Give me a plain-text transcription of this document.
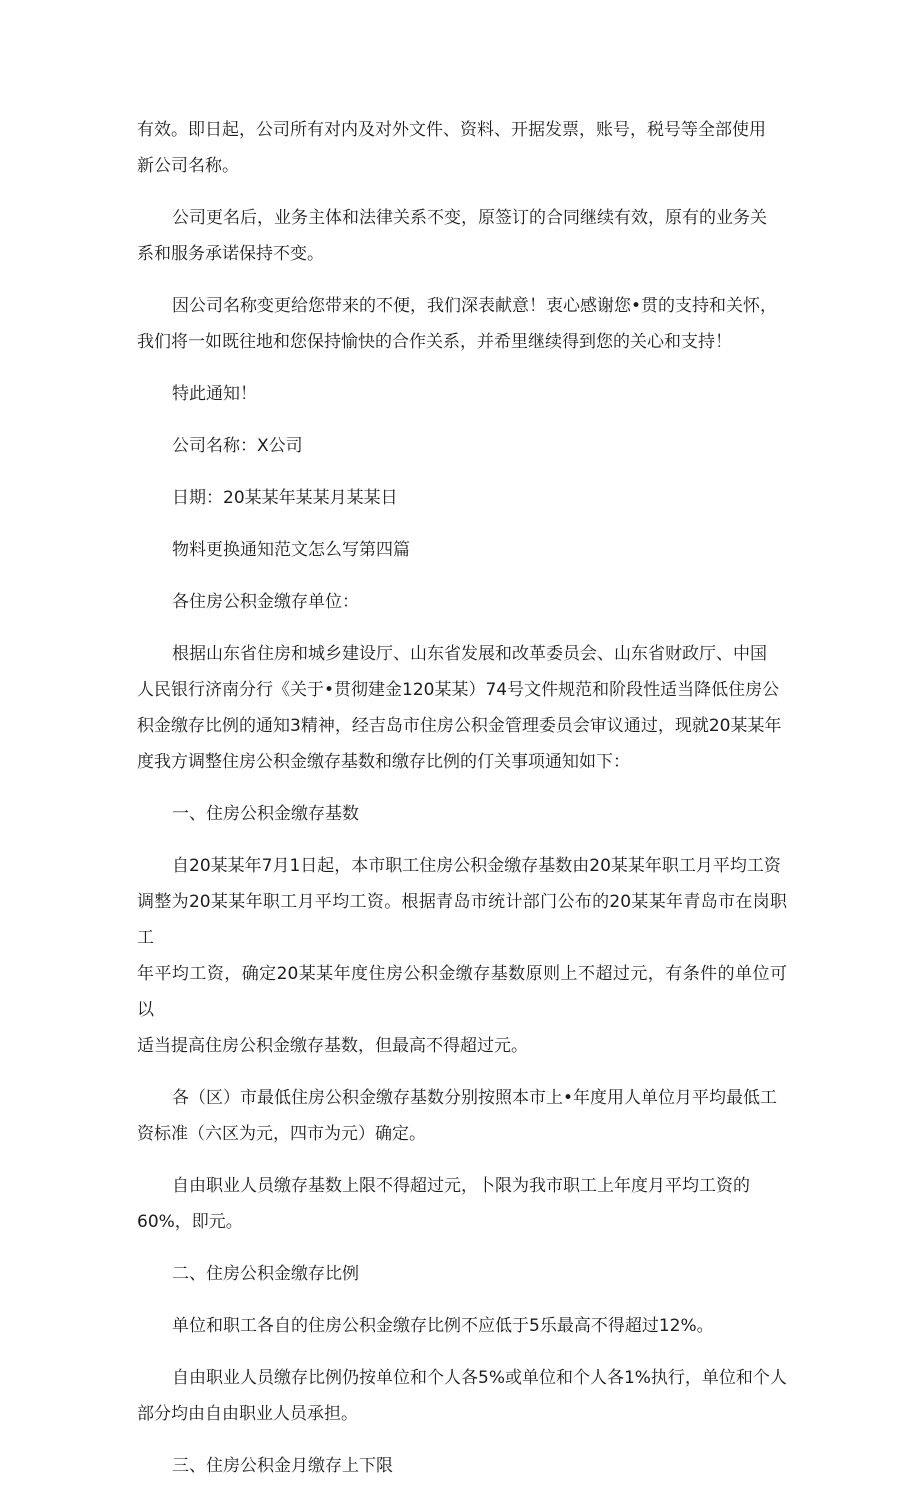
有效。即日起，公司所有对内及对外文件、资料、开据发票，账号，税号等全部使用
新公司名称。

公司更名后，业务主体和法律关系不变，原签订的合同继续有效，原有的业务关
系和服务承诺保持不变。

因公司名称变更给您带来的不便，我们深表献意！衷心感谢您•贯的支持和关怀，
我们将一如既往地和您保持愉快的合作关系，并希里继续得到您的关心和支持！

特此通知！

公司名称：X公司

日期：20某某年某某月某某日

物料更换通知范文怎么写第四篇

各住房公积金缴存单位：

根据山东省住房和城乡建设厅、山东省发展和改革委员会、山东省财政厅、中国
人民银行济南分行《关于•贯彻建金120某某）74号文件规范和阶段性适当降低住房公
积金缴存比例的通知3精神，经吉岛市住房公积金管理委员会审议通过，现就20某某年
度我方调整住房公积金缴存基数和缴存比例的仃关事项通知如下：

一、住房公积金缴存基数

自20某某年7月1日起，本市职工住房公积金缴存基数由20某某年职工月平均工资
调整为20某某年职工月平均工资。根据青岛市统计部门公布的20某某年青岛市在岗职工
年平均工资，确定20某某年度住房公积金缴存基数原则上不超过元，有条件的单位可以
适当提高住房公积金缴存基数，但最高不得超过元。

各（区）市最低住房公积金缴存基数分别按照本市上•年度用人单位月平均最低工
资标准（六区为元，四市为元）确定。

自由职业人员缴存基数上限不得超过元，卜限为我市职工上年度月平均工资的
60%，即元。

二、住房公积金缴存比例

单位和职工各自的住房公积金缴存比例不应低于5乐最高不得超过12%。

自由职业人员缴存比例仍按单位和个人各5%或单位和个人各1%执行，单位和个人
部分均由自由职业人员承担。

三、住房公积金月缴存上下限
